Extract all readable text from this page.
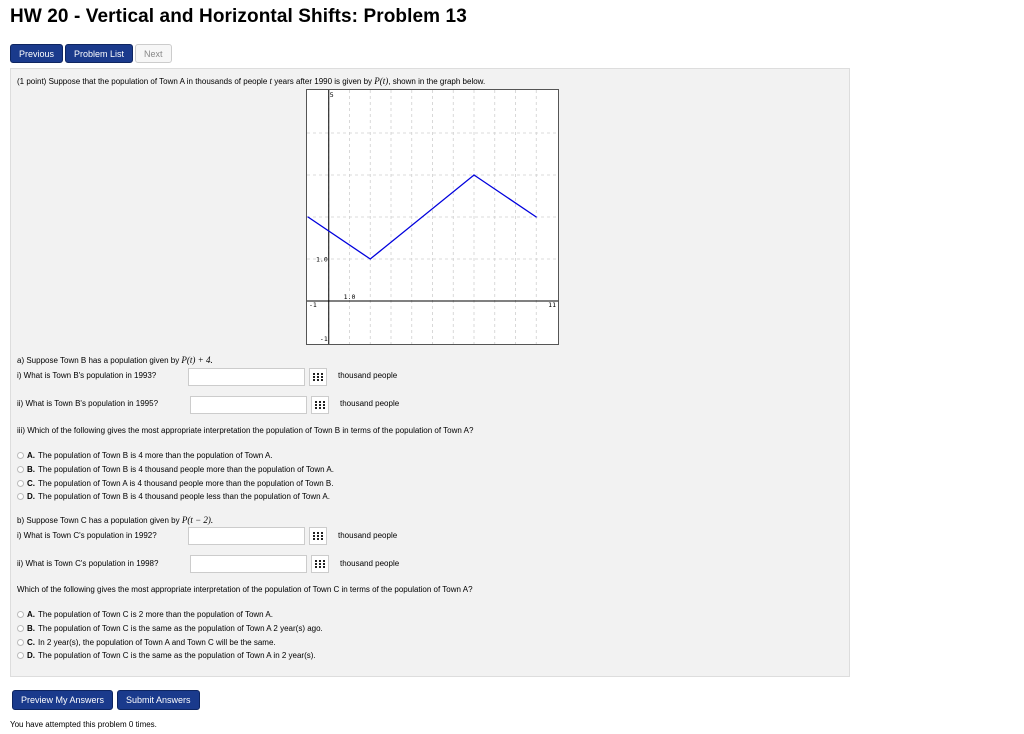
HW 20 - Vertical and Horizontal Shifts: Problem 13
Previous	Problem List	Next
(1 point) Suppose that the population of Town A in thousands of people t years after 1990 is given by P(t), shown in the graph below.
5
1.0
1.0
-1	11
-1
a) Suppose Town B has a population given by P(t) + 4.
i) What is Town B's population in 1993?	thousand people
ii) What is Town B's population in 1995?	thousand people
iii) Which of the following gives the most appropriate interpretation the population of Town B in terms of the population of Town A?
A. The population of Town B is 4 more than the population of Town A.
B. The population of Town B is 4 thousand people more than the population of Town A.
C. The population of Town A is 4 thousand people more than the population of Town B.
D. The population of Town B is 4 thousand people less than the population of Town A.
b) Suppose Town C has a population given by P(t − 2).
i) What is Town C's population in 1992?	thousand people
ii) What is Town C's population in 1998?	thousand people
Which of the following gives the most appropriate interpretation of the population of Town C in terms of the population of Town A?
A. The population of Town C is 2 more than the population of Town A.
B. The population of Town C is the same as the population of Town A 2 year(s) ago.
C. In 2 year(s), the population of Town A and Town C will be the same.
D. The population of Town C is the same as the population of Town A in 2 year(s).
Preview My Answers	Submit Answers
You have attempted this problem 0 times.
